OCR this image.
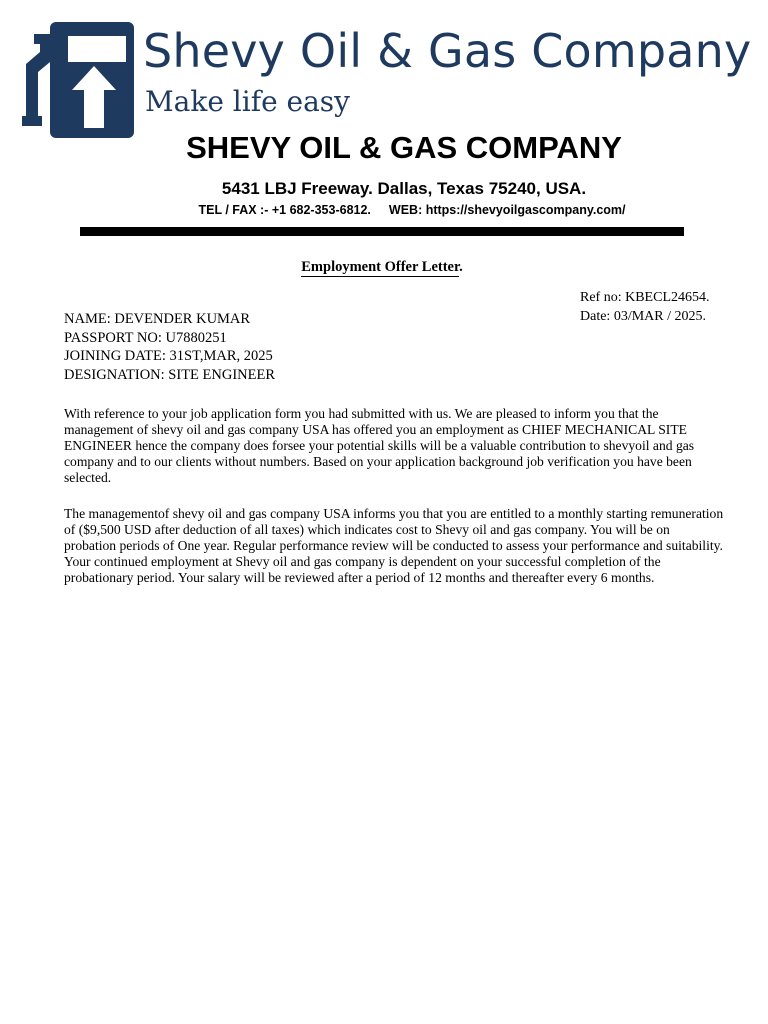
Shevy Oil & Gas Company
Make life easy
SHEVY OIL & GAS COMPANY
5431 LBJ Freeway. Dallas, Texas 75240, USA.
TEL / FAX :- +1 682-353-6812. WEB: https://shevyoilgascompany.com/
Employment Offer Letter.
Ref no: KBECL24654.
Date: 03/MAR / 2025.
NAME: DEVENDER KUMAR
PASSPORT NO: U7880251
JOINING DATE: 31ST,MAR, 2025
DESIGNATION: SITE ENGINEER

With reference to your job application form you had submitted with us. We are pleased to inform you that the management of shevy oil and gas company USA has offered you an employment as CHIEF MECHANICAL SITE ENGINEER hence the company does forsee your potential skills will be a valuable contribution to shevyoil and gas company and to our clients without numbers. Based on your application background job verification you have been selected.

The managementof shevy oil and gas company USA informs you that you are entitled to a monthly starting remuneration of ($9,500 USD after deduction of all taxes) which indicates cost to Shevy oil and gas company. You will be on probation periods of One year. Regular performance review will be conducted to assess your performance and suitability. Your continued employment at Shevy oil and gas company is dependent on your successful completion of the probationary period. Your salary will be reviewed after a period of 12 months and thereafter every 6 months.
